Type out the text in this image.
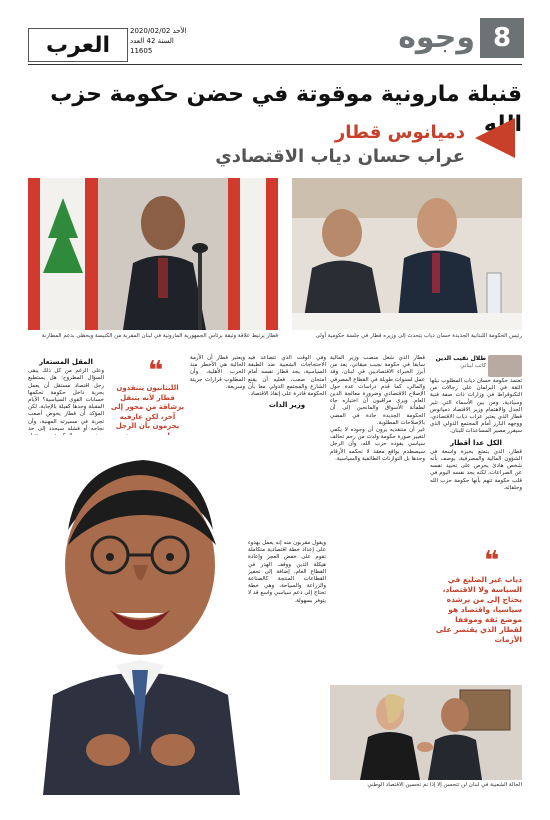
8
وجوه
العرب
الأحد 2020/02/02
السنة 42 العدد 11605
قنبلة مارونية موقوتة في حضن حكومة حزب الله
دميانوس قطار
عراب حسان دياب الاقتصادي
قطار يرتبط علاقة وثيقة برئاس الجمهورية المارونية في لبنان المقربة من الكنيسة ويحظى بدعم المطارنة	رئيس الحكومة اللبنانية الجديدة حسان دياب يتحدث إلى وزيره قطار في جلسة حكومية أولى
طلال نقيب الدين
كاتب لبناني

تعتمد حكومة حسان دياب المطلوب نيلها الثقة في البرلمان على رجالات من التكنوقراط في وزارات ذات صفة فنية وسيادية، ومن بين الأسماء التي تثير الجدل والاهتمام وزير الاقتصاد دميانوس قطار الذي يعتبر عراب دياب الاقتصادي، ووجهه البارز أمام المجتمع الدولي الذي سيقرر مصير المساعدات للبنان.

الكل عدا أقطار

قطار، الذي يتمتع بخبرة واسعة في الشؤون المالية والمصرفية، يوصف بأنه شخص هادئ يحرص على تحييد نفسه عن الصراعات، لكنه يجد نفسه اليوم في قلب حكومة تتهم بأنها حكومة حزب الله وحلفائه.

قطار الذي شغل منصب وزير المالية سابقا في حكومة نجيب ميقاتي، يعد من أبرز الخبراء الاقتصاديين في لبنان، وقد عمل لسنوات طويلة في القطاع المصرفي والمالي، كما قدم دراسات عدة حول الإصلاح الاقتصادي وضرورة معالجة الدين العام. ويرى مراقبون أن اختياره جاء لطمأنة الأسواق والمانحين إلى أن الحكومة الجديدة جادة في المضي بالإصلاحات المطلوبة.

غير أن منتقديه يرون أن وجوده لا يكفي لتغيير صورة حكومة ولدت من رحم تحالف سياسي يقوده حزب الله، وأن الرجل سيصطدم بواقع معقد لا تحكمه الأرقام وحدها بل التوازنات الطائفية والسياسية.

وفي الوقت الذي تتصاعد فيه الاحتجاجات الشعبية ضد الطبقة السياسية، يجد قطار نفسه أمام امتحان صعب، فعليه أن يقنع الشارع والمجتمع الدولي معا بأن الحكومة قادرة على إنقاذ الاقتصاد.

وزير الذات

ويعتبر قطار أن الأزمة الحالية هي الأخطر منذ الحرب الأهلية، وأن المطلوب قرارات جريئة وسريعة.

المقل المستعار

وعلى الرغم من كل ذلك يبقى السؤال المطروح: هل يستطيع رجل اقتصاد مستقل أن يعمل بحرية داخل حكومة تحكمها حسابات القوى السياسية؟ الأيام المقبلة وحدها كفيلة بالإجابة، لكن المؤكد أن قطار يخوض أصعب تجربة في مسيرته المهنية، وأن نجاحه أو فشله سيحدد إلى حد

ويقول مقربون منه إنه يعمل بهدوء على إعداد خطة اقتصادية متكاملة تقوم على خفض العجز وإعادة هيكلة الدين ووقف الهدر في القطاع العام، إضافة إلى تحفيز القطاعات المنتجة كالصناعة والزراعة والسياحة، وهي خطة تحتاج إلى دعم سياسي واسع قد لا يتوفر بسهولة.

❝
اللبنانيون يتنقدون قطار لأنه يتنقل برشاقة من محور إلى آخر، لكن عارفيه يجزمون بأن الرجل
❝
دياب غير الضليع في السياسة ولا الاقتصاد، يحتاج إلى من يرشده سياسيا، واقتصاد هو موضع ثقة وموقفا لقطار الذي يقتصر على الأزمات
رسم: نبيل
الحالة الشعبية في لبنان لن تتحسن إلا إذا تم تحسين الاقتصاد الوطني
